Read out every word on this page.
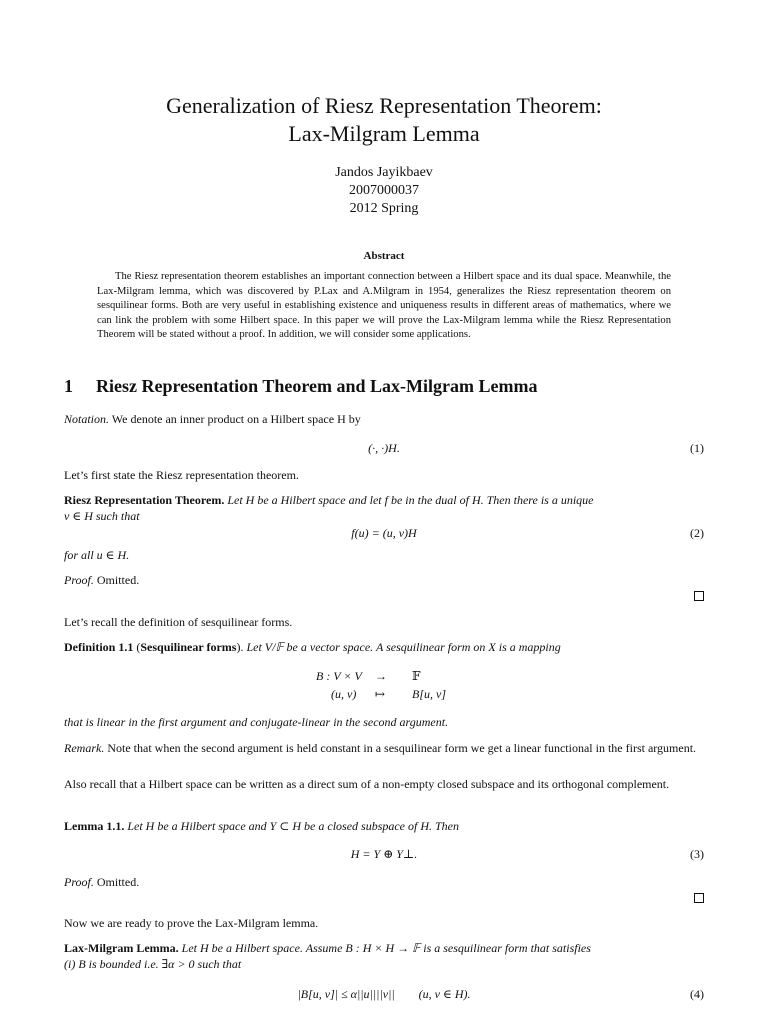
Generalization of Riesz Representation Theorem:
Lax-Milgram Lemma
Jandos Jayikbaev
2007000037
2012 Spring
Abstract
The Riesz representation theorem establishes an important connection between a Hilbert space and its dual space. Meanwhile, the Lax-Milgram lemma, which was discovered by P.Lax and A.Milgram in 1954, generalizes the Riesz representation theorem on sesquilinear forms. Both are very useful in establishing existence and uniqueness results in different areas of mathematics, where we can link the problem with some Hilbert space. In this paper we will prove the Lax-Milgram lemma while the Riesz Representation Theorem will be stated without a proof. In addition, we will consider some applications.
1 Riesz Representation Theorem and Lax-Milgram Lemma
Notation. We denote an inner product on a Hilbert space H by
(·, ·)H.	(1)
Let’s first state the Riesz representation theorem.
Riesz Representation Theorem. Let H be a Hilbert space and let f be in the dual of H. Then there is a unique
v ∈ H such that
f(u) = (u, v)H	(2)
for all u ∈ H.
Proof. Omitted.
Let’s recall the definition of sesquilinear forms.
Definition 1.1 (Sesquilinear forms). Let V/𝔽 be a vector space. A sesquilinear form on X is a mapping
B : V × V → 𝔽
(u, v) ↦ B[u, v]
that is linear in the first argument and conjugate-linear in the second argument.
Remark. Note that when the second argument is held constant in a sesquilinear form we get a linear functional in the first argument.
Also recall that a Hilbert space can be written as a direct sum of a non-empty closed subspace and its orthogonal complement.
Lemma 1.1. Let H be a Hilbert space and Y ⊂ H be a closed subspace of H. Then
H = Y ⊕ Y⊥.	(3)
Proof. Omitted.
Now we are ready to prove the Lax-Milgram lemma.
Lax-Milgram Lemma. Let H be a Hilbert space. Assume B : H × H → 𝔽 is a sesquilinear form that satisfies
(i) B is bounded i.e. ∃α > 0 such that
|B[u, v]| ≤ α||u||||v||        (u, v ∈ H).	(4)
